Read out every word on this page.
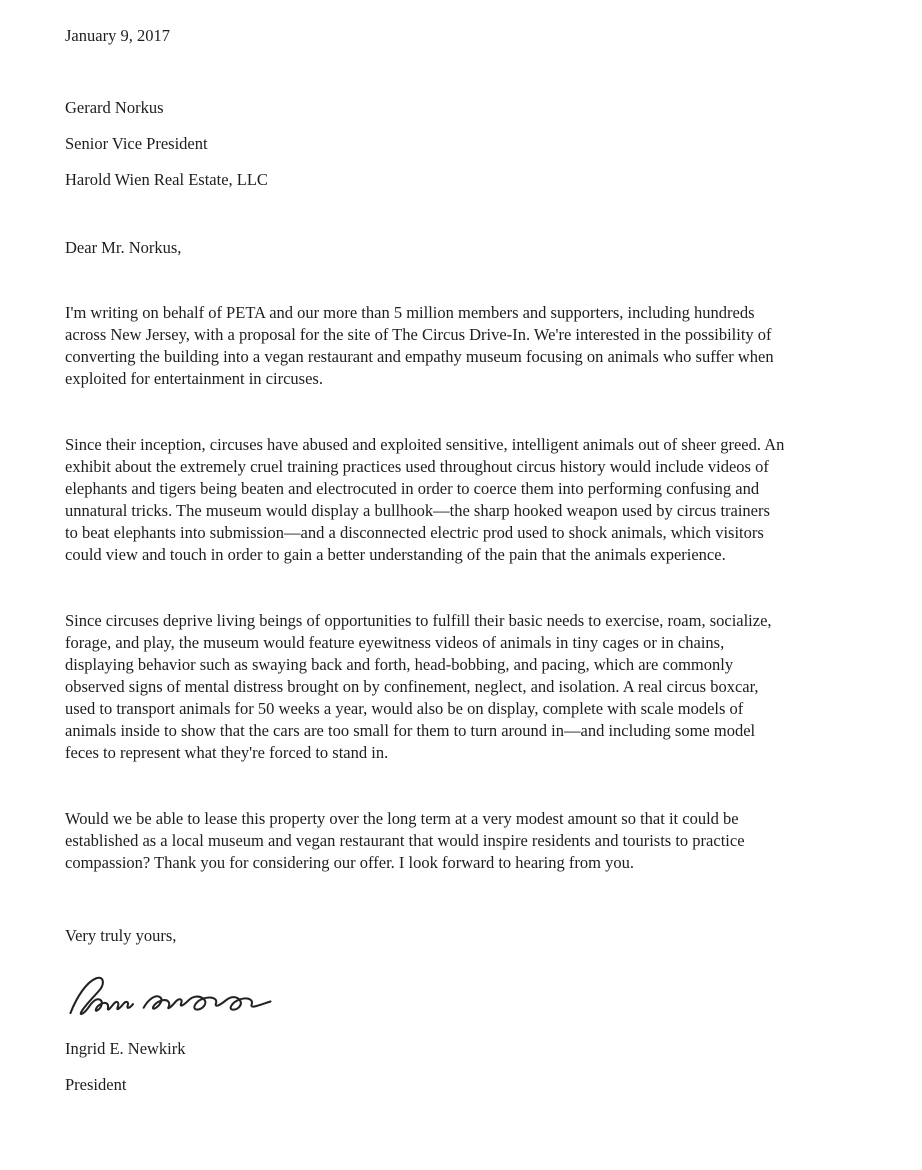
January 9, 2017

Gerard Norkus

Senior Vice President

Harold Wien Real Estate, LLC

Dear Mr. Norkus,

I'm writing on behalf of PETA and our more than 5 million members and supporters, including hundreds
across New Jersey, with a proposal for the site of The Circus Drive-In. We're interested in the possibility of
converting the building into a vegan restaurant and empathy museum focusing on animals who suffer when
exploited for entertainment in circuses.
Since their inception, circuses have abused and exploited sensitive, intelligent animals out of sheer greed. An
exhibit about the extremely cruel training practices used throughout circus history would include videos of
elephants and tigers being beaten and electrocuted in order to coerce them into performing confusing and
unnatural tricks. The museum would display a bullhook—the sharp hooked weapon used by circus trainers
to beat elephants into submission—and a disconnected electric prod used to shock animals, which visitors
could view and touch in order to gain a better understanding of the pain that the animals experience.
Since circuses deprive living beings of opportunities to fulfill their basic needs to exercise, roam, socialize,
forage, and play, the museum would feature eyewitness videos of animals in tiny cages or in chains,
displaying behavior such as swaying back and forth, head-bobbing, and pacing, which are commonly
observed signs of mental distress brought on by confinement, neglect, and isolation. A real circus boxcar,
used to transport animals for 50 weeks a year, would also be on display, complete with scale models of
animals inside to show that the cars are too small for them to turn around in—and including some model
feces to represent what they're forced to stand in.
Would we be able to lease this property over the long term at a very modest amount so that it could be
established as a local museum and vegan restaurant that would inspire residents and tourists to practice
compassion? Thank you for considering our offer. I look forward to hearing from you.

Very truly yours,

Ingrid E. Newkirk

President
